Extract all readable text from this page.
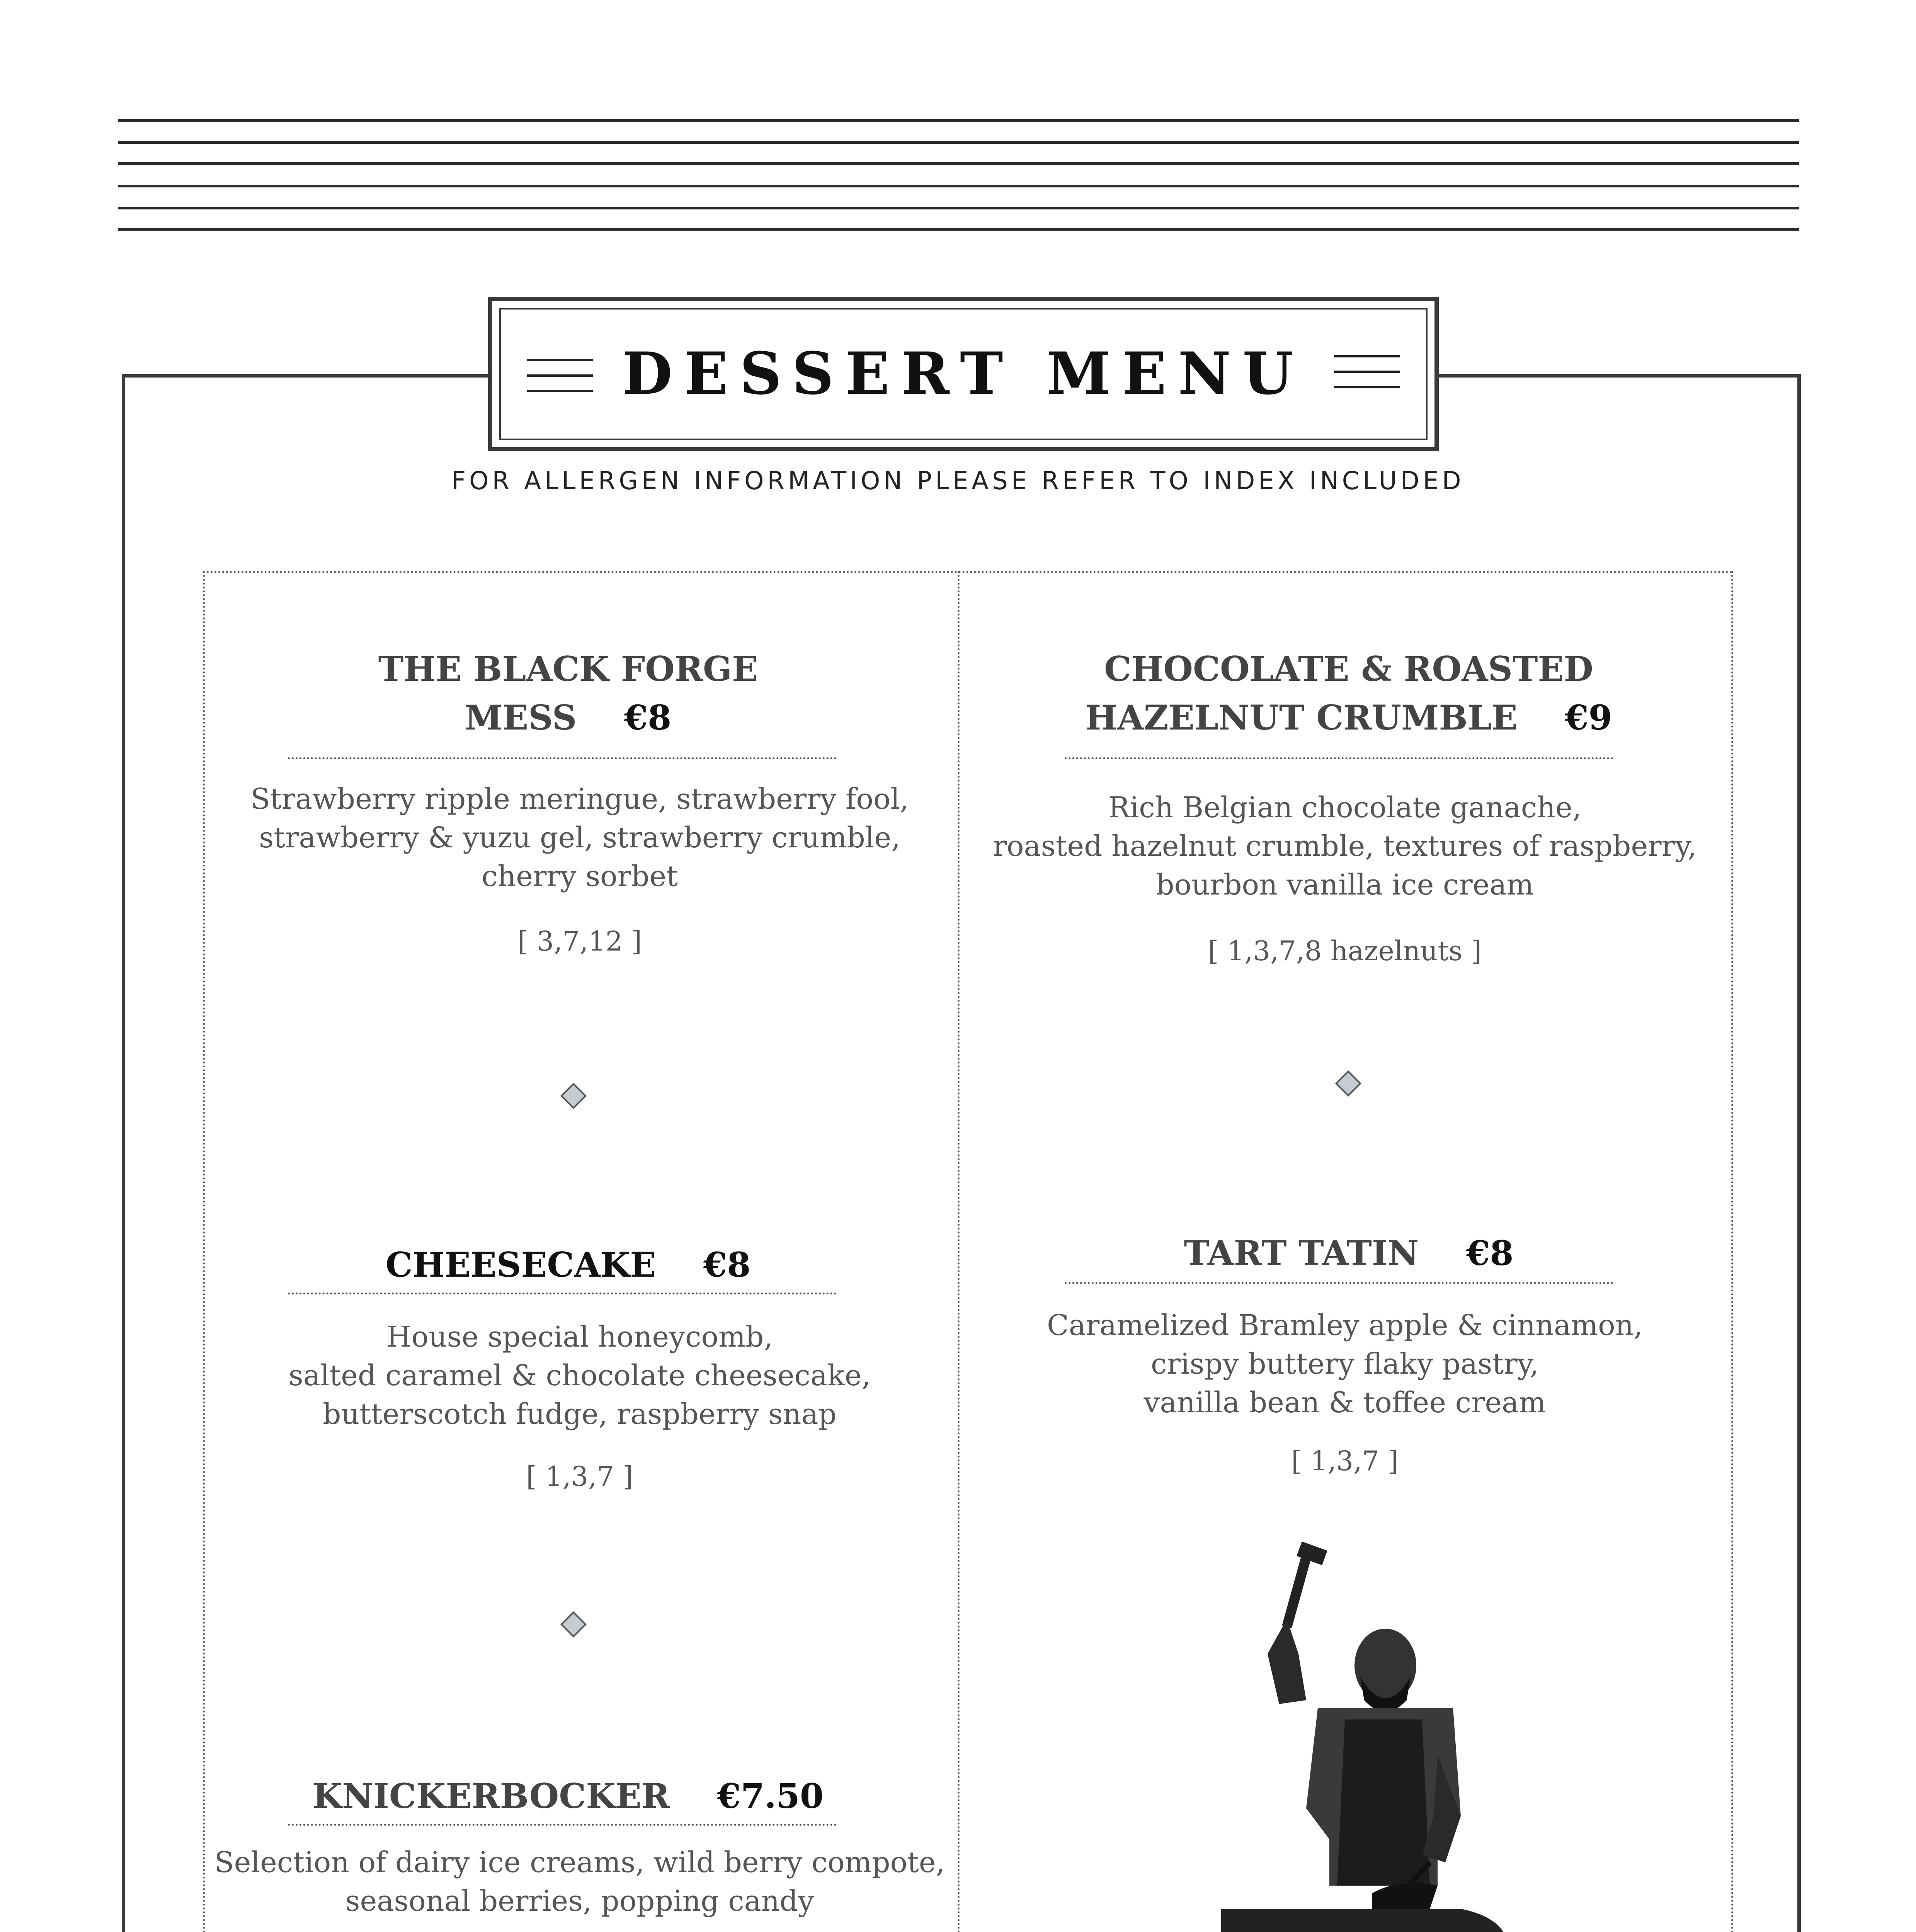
DESSERT MENU
FOR ALLERGEN INFORMATION PLEASE REFER TO INDEX INCLUDED
THE BLACK FORGE
MESS €8
Strawberry ripple meringue, strawberry fool,
strawberry & yuzu gel, strawberry crumble,
cherry sorbet
[ 3,7,12 ]
CHOCOLATE & ROASTED
HAZELNUT CRUMBLE €9
Rich Belgian chocolate ganache,
roasted hazelnut crumble, textures of raspberry,
bourbon vanilla ice cream
[ 1,3,7,8 hazelnuts ]
CHEESECAKE €8
House special honeycomb,
salted caramel & chocolate cheesecake,
butterscotch fudge, raspberry snap
[ 1,3,7 ]
TART TATIN €8
Caramelized Bramley apple & cinnamon,
crispy buttery flaky pastry,
vanilla bean & toffee cream
[ 1,3,7 ]
KNICKERBOCKER €7.50
Selection of dairy ice creams, wild berry compote,
seasonal berries, popping candy
